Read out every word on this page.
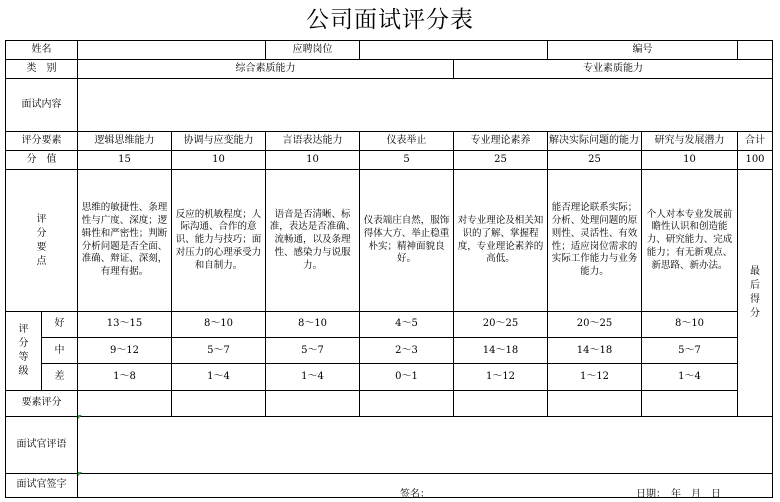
公司面试评分表
姓名				应聘岗位			编号		
类　别		综合素质能力				专业素质能力			
面试内容									
评分要素		逻辑思维能力	协调与应变能力	言语表达能力	仪表举止	专业理论素养	解决实际问题的能力	研究与发展潜力	合计
分　值		15	10	10	5	25	25	10	100
评分要点		思维的敏捷性、条理性与广度、深度；逻辑性和严密性；判断分析问题是否全面、准确、辩证、深刻，有理有据。	反应的机敏程度；人际沟通、合作的意识、能力与技巧；面对压力的心理承受力和自制力。	语音是否清晰、标准，表达是否准确、流畅通，以及条理性、感染力与说服力。	仪表端庄自然，服饰得体大方、举止稳重朴实；精神面貌良好。	对专业理论及相关知识的了解、掌握程度，专业理论素养的高低。	能否理论联系实际；分析、处理问题的原则性、灵活性、有效性；适应岗位需求的实际工作能力与业务能力。	个人对本专业发展前瞻性认识和创造能力、研究能力、完成能力；有无新观点、新思路、新办法。	最后得分
评分等级	好	13～15	8～10	8～10	4～5	20～25	20～25	8～10	
	中	9～12	5～7	5～7	2～3	14～18	14～18	5～7	
	差	1～8	1～4	1～4	0～1	1～12	1～12	1～4	
要素评分									
面试官评语									
面试官签字									
签名：	日期：　年　月　日
